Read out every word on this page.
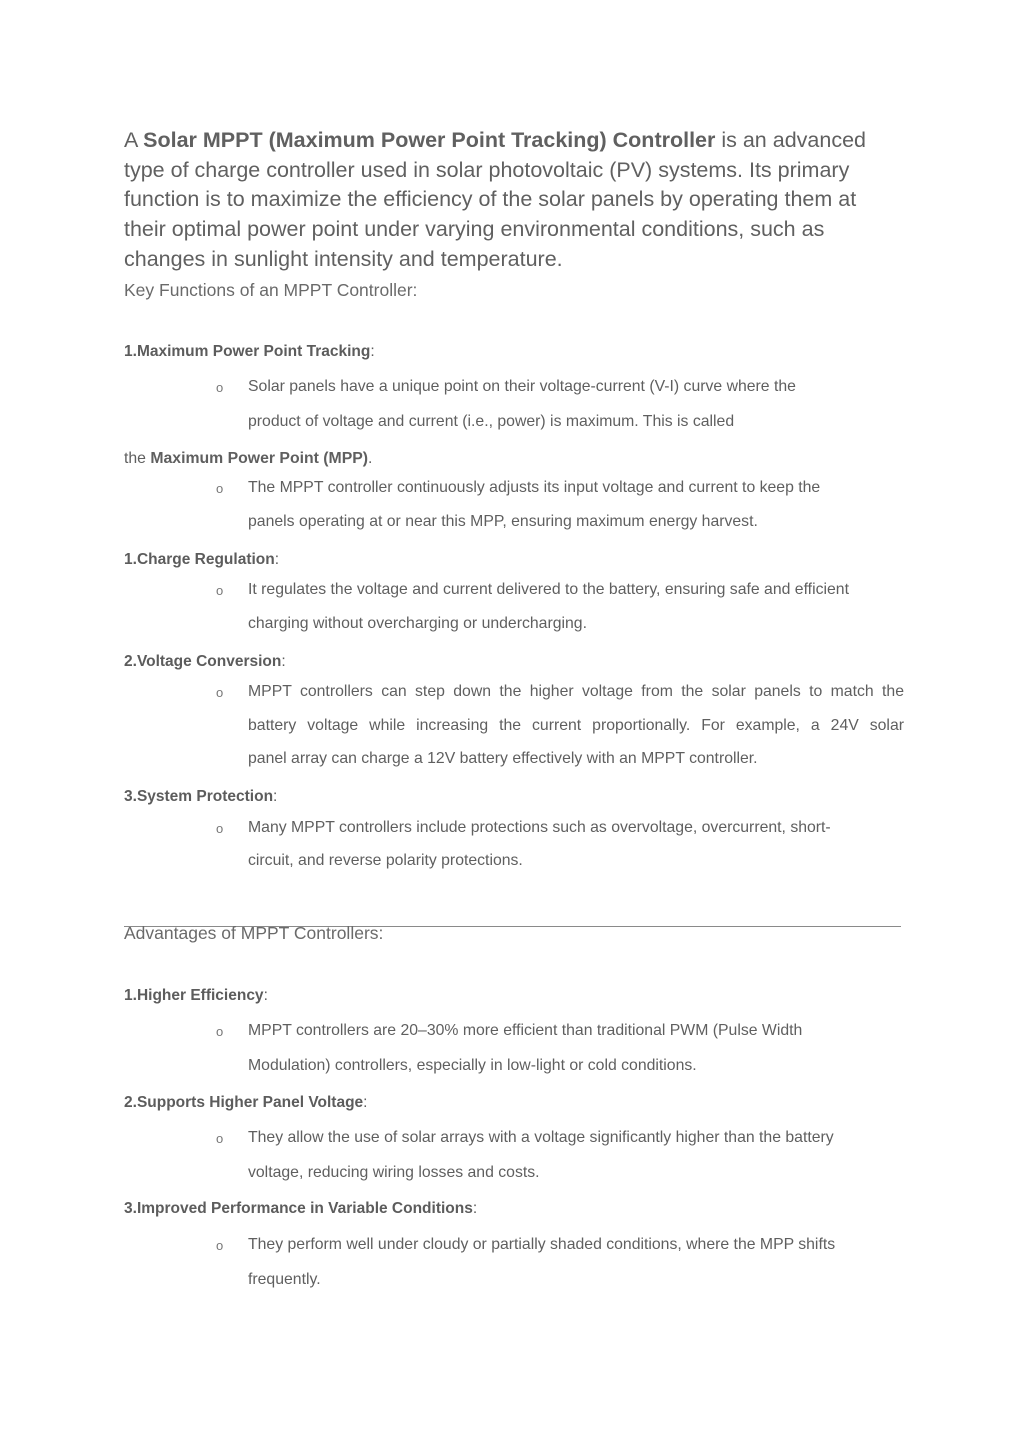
A Solar MPPT (Maximum Power Point Tracking) Controller is an advanced
type of charge controller used in solar photovoltaic (PV) systems. Its primary
function is to maximize the efficiency of the solar panels by operating them at
their optimal power point under varying environmental conditions, such as
changes in sunlight intensity and temperature.
Key Functions of an MPPT Controller:
1.Maximum Power Point Tracking:
o Solar panels have a unique point on their voltage-current (V-I) curve where the
product of voltage and current (i.e., power) is maximum. This is called
the Maximum Power Point (MPP).
o The MPPT controller continuously adjusts its input voltage and current to keep the
panels operating at or near this MPP, ensuring maximum energy harvest.
1.Charge Regulation:
o It regulates the voltage and current delivered to the battery, ensuring safe and efficient
charging without overcharging or undercharging.
2.Voltage Conversion:
o MPPT controllers can step down the higher voltage from the solar panels to match the
battery voltage while increasing the current proportionally. For example, a 24V solar
panel array can charge a 12V battery effectively with an MPPT controller.
3.System Protection:
o Many MPPT controllers include protections such as overvoltage, overcurrent, short-
circuit, and reverse polarity protections.
Advantages of MPPT Controllers:
1.Higher Efficiency:
o MPPT controllers are 20–30% more efficient than traditional PWM (Pulse Width
Modulation) controllers, especially in low-light or cold conditions.
2.Supports Higher Panel Voltage:
o They allow the use of solar arrays with a voltage significantly higher than the battery
voltage, reducing wiring losses and costs.
3.Improved Performance in Variable Conditions:
o They perform well under cloudy or partially shaded conditions, where the MPP shifts
frequently.
